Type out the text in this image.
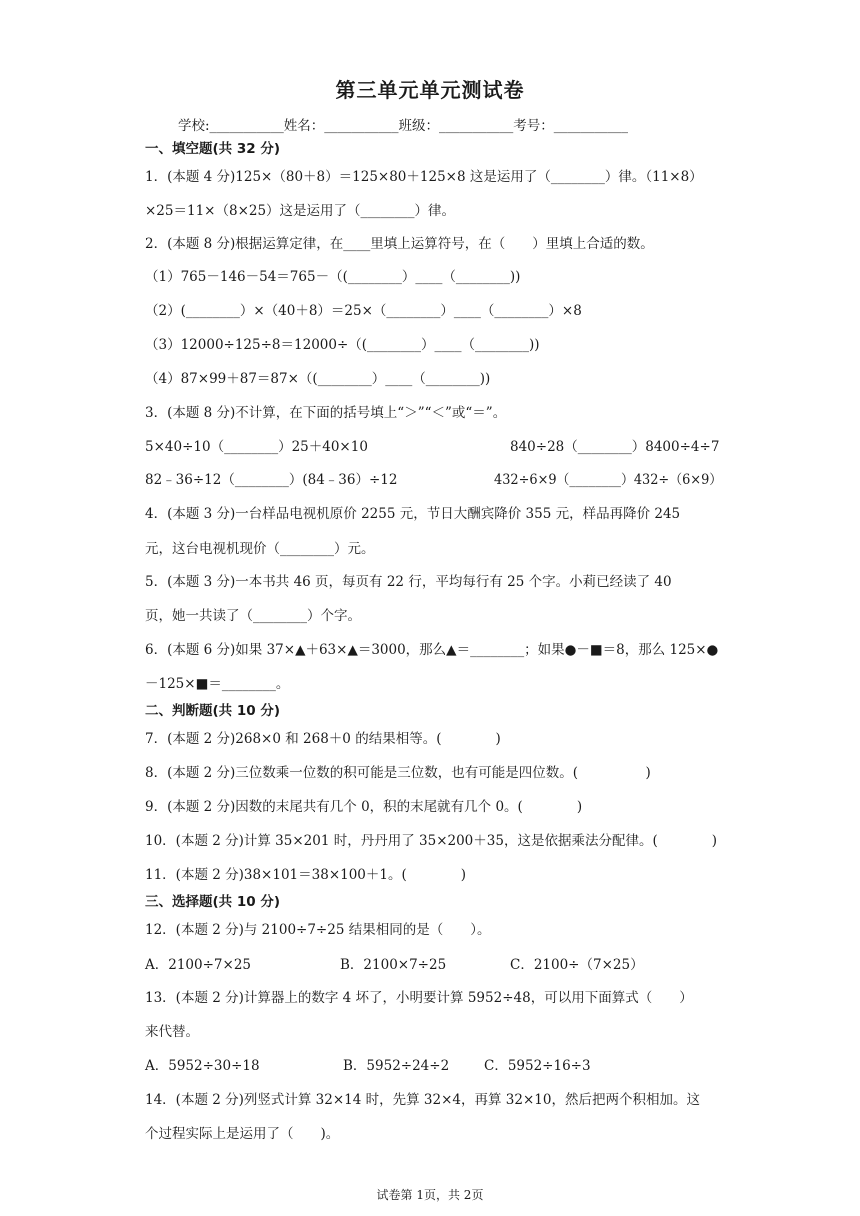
第三单元单元测试卷
学校:___________姓名：___________班级：___________考号：___________
一、填空题(共 32 分)
1．(本题 4 分)125×（80＋8）＝125×80＋125×8 这是运用了（________）律。（11×8）
×25＝11×（8×25）这是运用了（________）律。
2．(本题 8 分)根据运算定律，在____里填上运算符号，在（　　）里填上合适的数。
（1）765－146－54＝765－（(________）____（________))
（2）(________）×（40＋8）＝25×（________）____（________）×8
（3）12000÷125÷8＝12000÷（(________）____（________))
（4）87×99＋87＝87×（(________）____（________))
3．(本题 8 分)不计算，在下面的括号填上“＞”“＜”或“＝”。
5×40÷10（________）25＋40×10	840÷28（________）8400÷4÷7
82﹣36÷12（________）(84﹣36）÷12	432÷6×9（________）432÷（6×9）
4．(本题 3 分)一台样品电视机原价 2255 元，节日大酬宾降价 355 元，样品再降价 245
元，这台电视机现价（________）元。
5．(本题 3 分)一本书共 46 页，每页有 22 行，平均每行有 25 个字。小莉已经读了 40
页，她一共读了（________）个字。
6．(本题 6 分)如果 37×▲＋63×▲＝3000，那么▲＝________；如果●－■＝8，那么 125×●
－125×■＝________。
二、判断题(共 10 分)
7．(本题 2 分)268×0 和 268＋0 的结果相等。(　　　　)
8．(本题 2 分)三位数乘一位数的积可能是三位数，也有可能是四位数。(　　　　　)
9．(本题 2 分)因数的末尾共有几个 0，积的末尾就有几个 0。(　　　　)
10．(本题 2 分)计算 35×201 时，丹丹用了 35×200＋35，这是依据乘法分配律。(　　　　)
11．(本题 2 分)38×101＝38×100＋1。(　　　　)
三、选择题(共 10 分)
12．(本题 2 分)与 2100÷7÷25 结果相同的是（　　）。
A．2100÷7×25	B．2100×7÷25	C．2100÷（7×25）
13．(本题 2 分)计算器上的数字 4 坏了，小明要计算 5952÷48，可以用下面算式（　　）
来代替。
A．5952÷30÷18	B．5952÷24÷2	C．5952÷16÷3
14．(本题 2 分)列竖式计算 32×14 时，先算 32×4，再算 32×10，然后把两个积相加。这
个过程实际上是运用了（　　)。
试卷第 1页，共 2页
